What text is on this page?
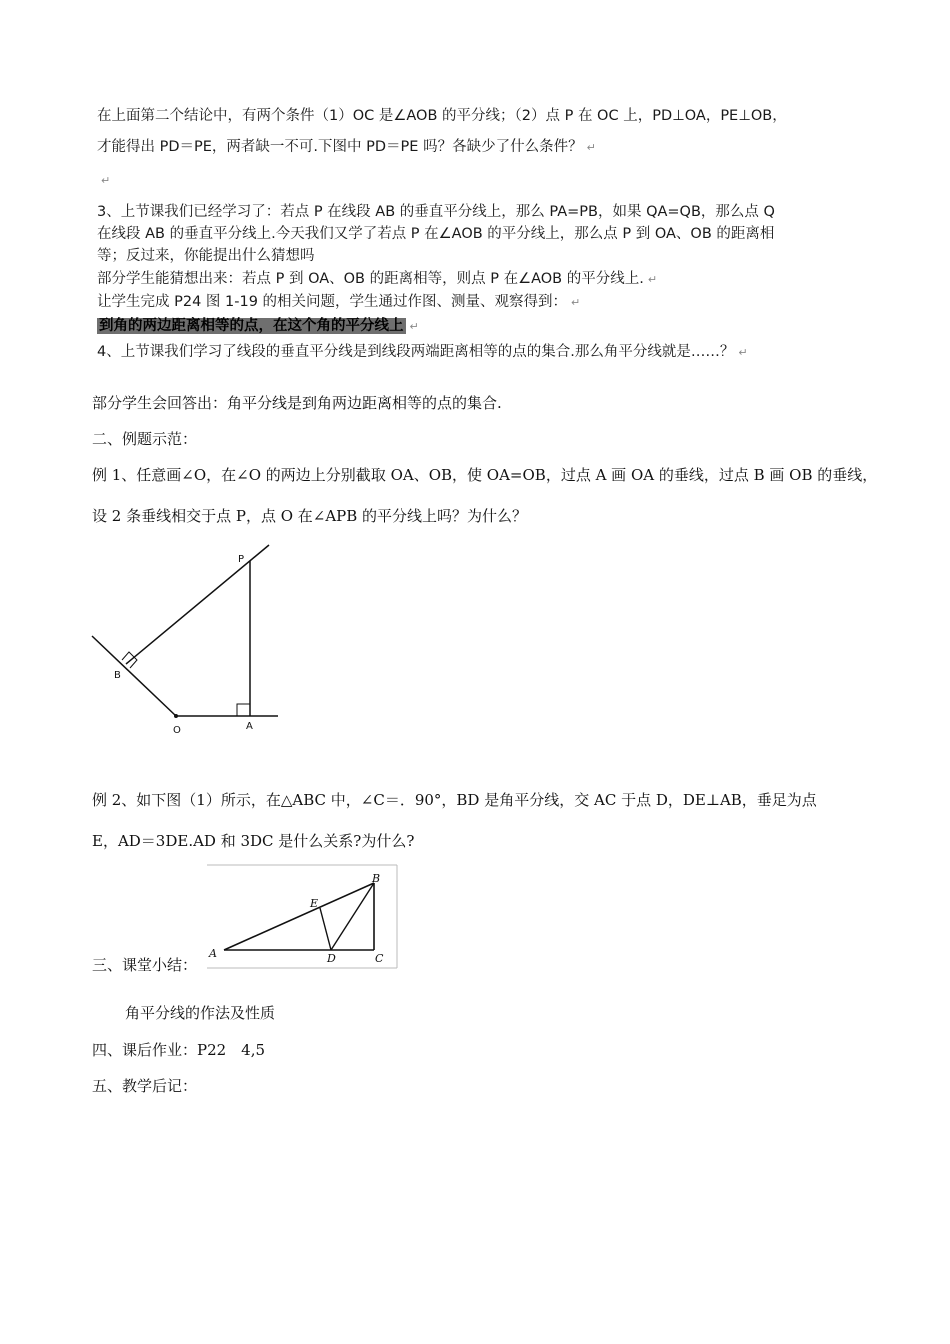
在上面第二个结论中，有两个条件（1）OC 是∠AOB 的平分线；（2）点 P 在 OC 上，PD⊥OA，PE⊥OB，
才能得出 PD＝PE，两者缺一不可.下图中 PD＝PE 吗？各缺少了什么条件？ ↵
↵
3、上节课我们已经学习了：若点 P 在线段 AB 的垂直平分线上，那么 PA=PB，如果 QA=QB，那么点 Q
在线段 AB 的垂直平分线上.今天我们又学了若点 P 在∠AOB 的平分线上，那么点 P 到 OA、OB 的距离相
等；反过来，你能提出什么猜想吗
部分学生能猜想出来：若点 P 到 OA、OB 的距离相等，则点 P 在∠AOB 的平分线上. ↵
让学生完成 P24 图 1-19 的相关问题，学生通过作图、测量、观察得到： ↵
到角的两边距离相等的点，在这个角的平分线上 ↵
4、上节课我们学习了线段的垂直平分线是到线段两端距离相等的点的集合.那么角平分线就是……？ ↵
部分学生会回答出：角平分线是到角两边距离相等的点的集合.
二、例题示范：
例 1、任意画∠O，在∠O 的两边上分别截取 OA、OB，使 OA=OB，过点 A 画 OA 的垂线，过点 B 画 OB 的垂线，
设 2 条垂线相交于点 P，点 O 在∠APB 的平分线上吗？为什么？
P
B
O	A
例 2、如下图（1）所示，在△ABC 中，∠C＝．90°，BD 是角平分线，交 AC 于点 D，DE⊥AB，垂足为点
E，AD＝3DE.AD 和 3DC 是什么关系?为什么?
A
B
C
D
E
三、课堂小结：
角平分线的作法及性质
四、课后作业：P22　4,5
五、教学后记：
